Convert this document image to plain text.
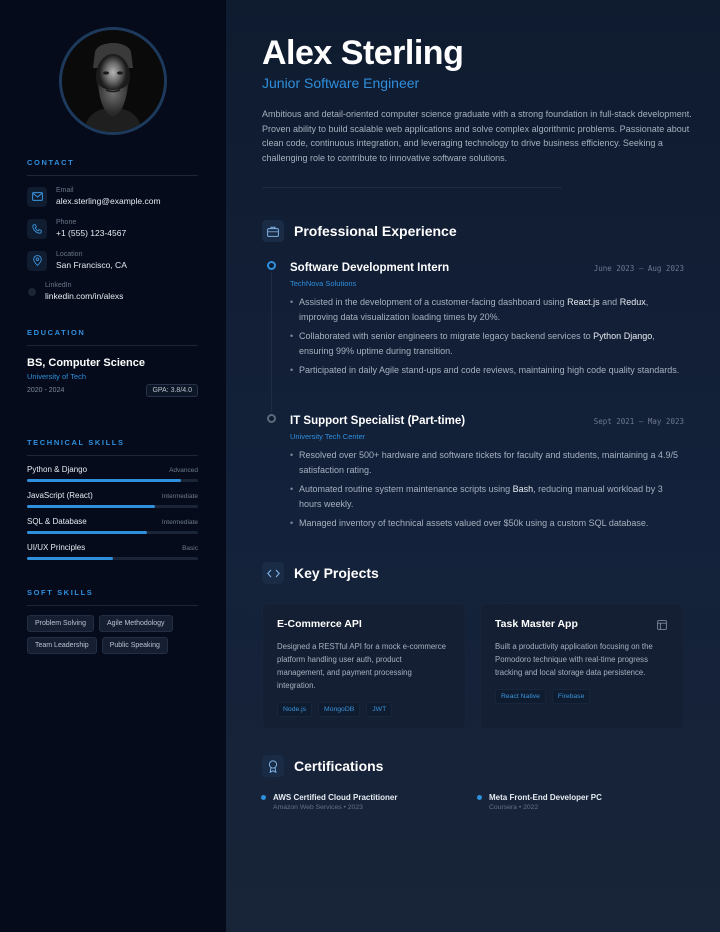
CONTACT
Email
alex.sterling@example.com
Phone
+1 (555) 123-4567
Location
San Francisco, CA
LinkedIn
linkedin.com/in/alexs
EDUCATION
BS, Computer Science
University of Tech
2020 - 2024	GPA: 3.8/4.0
TECHNICAL SKILLS
Python & Django	Advanced
JavaScript (React)	Intermediate
SQL & Database	Intermediate
UI/UX Principles	Basic
SOFT SKILLS
Problem Solving	Agile Methodology
Team Leadership	Public Speaking
Alex Sterling
Junior Software Engineer

Ambitious and detail-oriented computer science graduate with a strong foundation in full-stack development. Proven ability to build scalable web applications and solve complex algorithmic problems. Passionate about clean code, continuous integration, and leveraging technology to drive business efficiency. Seeking a challenging role to contribute to innovative software solutions.

Professional Experience
Software Development Intern	June 2023 – Aug 2023
TechNova Solutions
• Assisted in the development of a customer-facing dashboard using React.js and Redux, improving data visualization loading times by 20%.
• Collaborated with senior engineers to migrate legacy backend services to Python Django, ensuring 99% uptime during transition.
• Participated in daily Agile stand-ups and code reviews, maintaining high code quality standards.
IT Support Specialist (Part-time)	Sept 2021 – May 2023
University Tech Center
• Resolved over 500+ hardware and software tickets for faculty and students, maintaining a 4.9/5 satisfaction rating.
• Automated routine system maintenance scripts using Bash, reducing manual workload by 3 hours weekly.
• Managed inventory of technical assets valued over $50k using a custom SQL database.
Key Projects
E-Commerce API
Designed a RESTful API for a mock e-commerce platform handling user auth, product management, and payment processing integration.
Node.js	MongoDB	JWT
Task Master App
Built a productivity application focusing on the Pomodoro technique with real-time progress tracking and local storage data persistence.
React Native	Firebase
Certifications
AWS Certified Cloud Practitioner
Amazon Web Services • 2023
Meta Front-End Developer PC
Coursera • 2022
